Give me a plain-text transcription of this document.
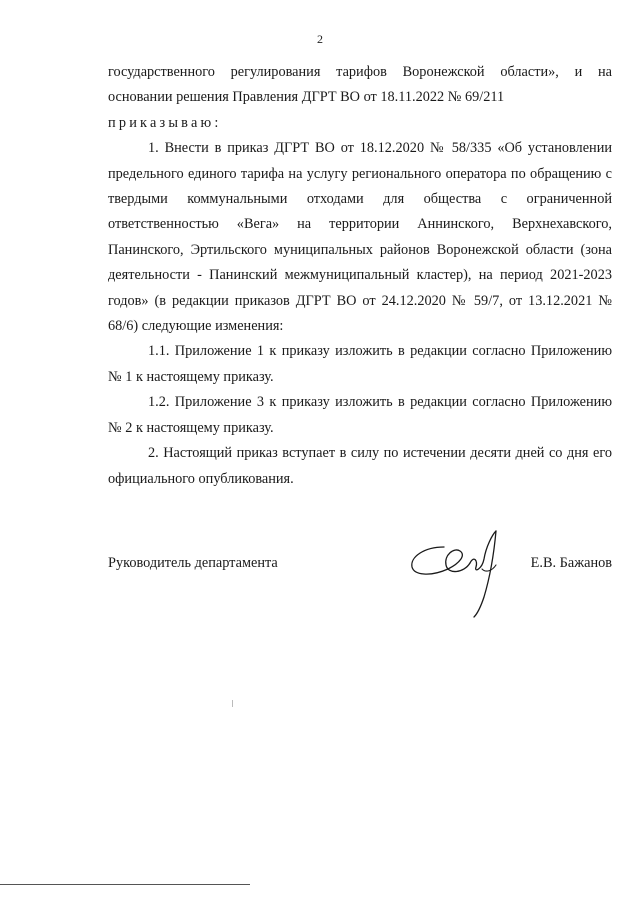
2

государственного регулирования тарифов Воронежской области», и на

основании решения Правления ДГРТ ВО от 18.11.2022 № 69/211

приказываю:

1. Внести в приказ ДГРТ ВО от 18.12.2020 № 58/335 «Об установлении предельного единого тарифа на услугу регионального оператора по обращению с твердыми коммунальными отходами для общества с ограниченной ответственностью «Вега» на территории Аннинского, Верхнехавского, Панинского, Эртильского муниципальных районов Воронежской области (зона деятельности - Панинский межмуниципальный кластер), на период 2021-2023 годов» (в редакции приказов ДГРТ ВО от 24.12.2020 № 59/7, от 13.12.2021 № 68/6) следующие изменения:

1.1. Приложение 1 к приказу изложить в редакции согласно Приложению № 1 к настоящему приказу.

1.2. Приложение 3 к приказу изложить в редакции согласно Приложению № 2 к настоящему приказу.

2. Настоящий приказ вступает в силу по истечении десяти дней со дня его официального опубликования.

Руководитель департамента	Е.В. Бажанов
